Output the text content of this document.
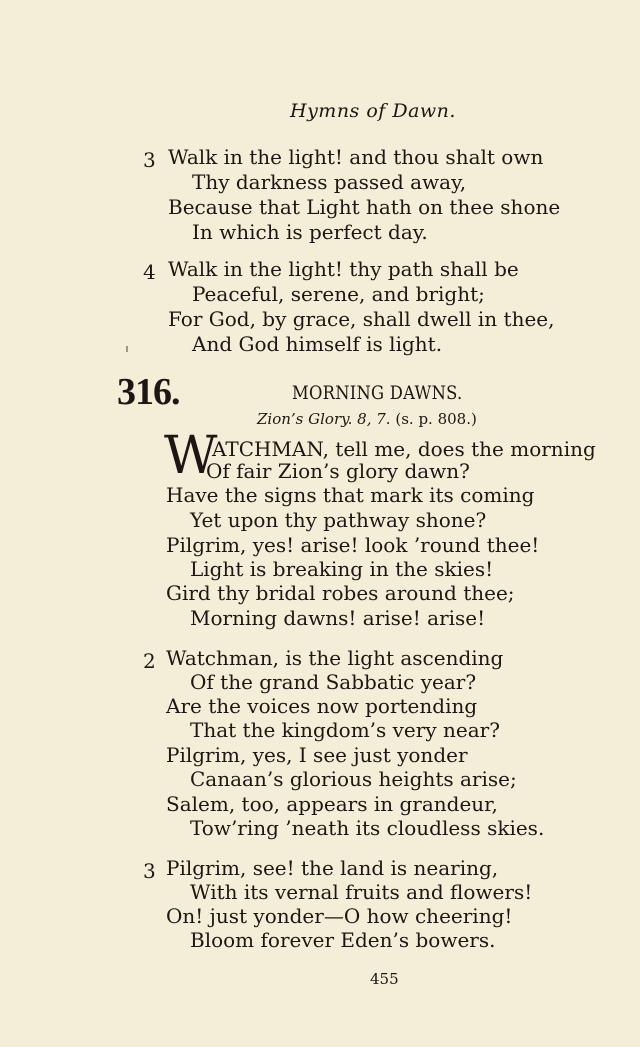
Hymns of Dawn.
3 Walk in the light! and thou shalt own
Thy darkness passed away,
Because that Light hath on thee shone
In which is perfect day.
4 Walk in the light! thy path shall be
Peaceful, serene, and bright;
For God, by grace, shall dwell in thee,
And God himself is light.
316.	MORNING DAWNS.
Zion’s Glory. 8, 7. (s. p. 808.)
W
ATCHMAN, tell me, does the morning
Of fair Zion’s glory dawn?
Have the signs that mark its coming
Yet upon thy pathway shone?
Pilgrim, yes! arise! look ’round thee!
Light is breaking in the skies!
Gird thy bridal robes around thee;
Morning dawns! arise! arise!
2 Watchman, is the light ascending
Of the grand Sabbatic year?
Are the voices now portending
That the kingdom’s very near?
Pilgrim, yes, I see just yonder
Canaan’s glorious heights arise;
Salem, too, appears in grandeur,
Tow’ring ’neath its cloudless skies.
3 Pilgrim, see! the land is nearing,
With its vernal fruits and flowers!
On! just yonder—O how cheering!
Bloom forever Eden’s bowers.
455
